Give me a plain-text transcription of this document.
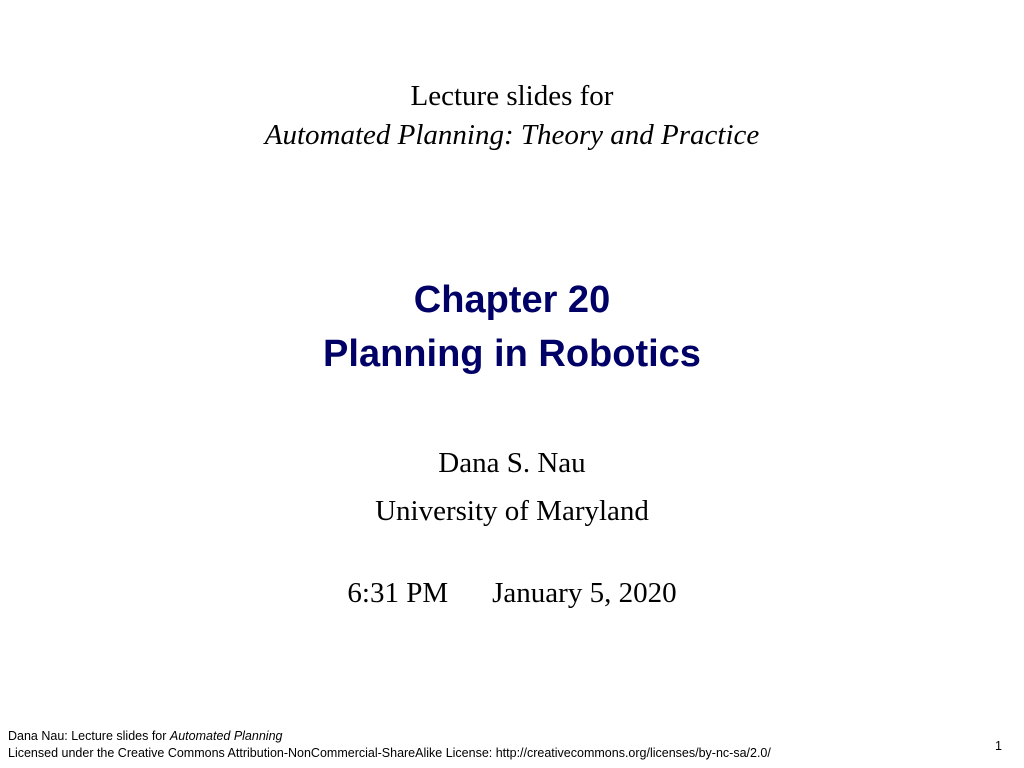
Lecture slides for
Automated Planning: Theory and Practice
Chapter 20
Planning in Robotics
Dana S. Nau
University of Maryland
6:31 PM January 5, 2020
Dana Nau: Lecture slides for Automated Planning
Licensed under the Creative Commons Attribution-NonCommercial-ShareAlike License: http://creativecommons.org/licenses/by-nc-sa/2.0/	1
